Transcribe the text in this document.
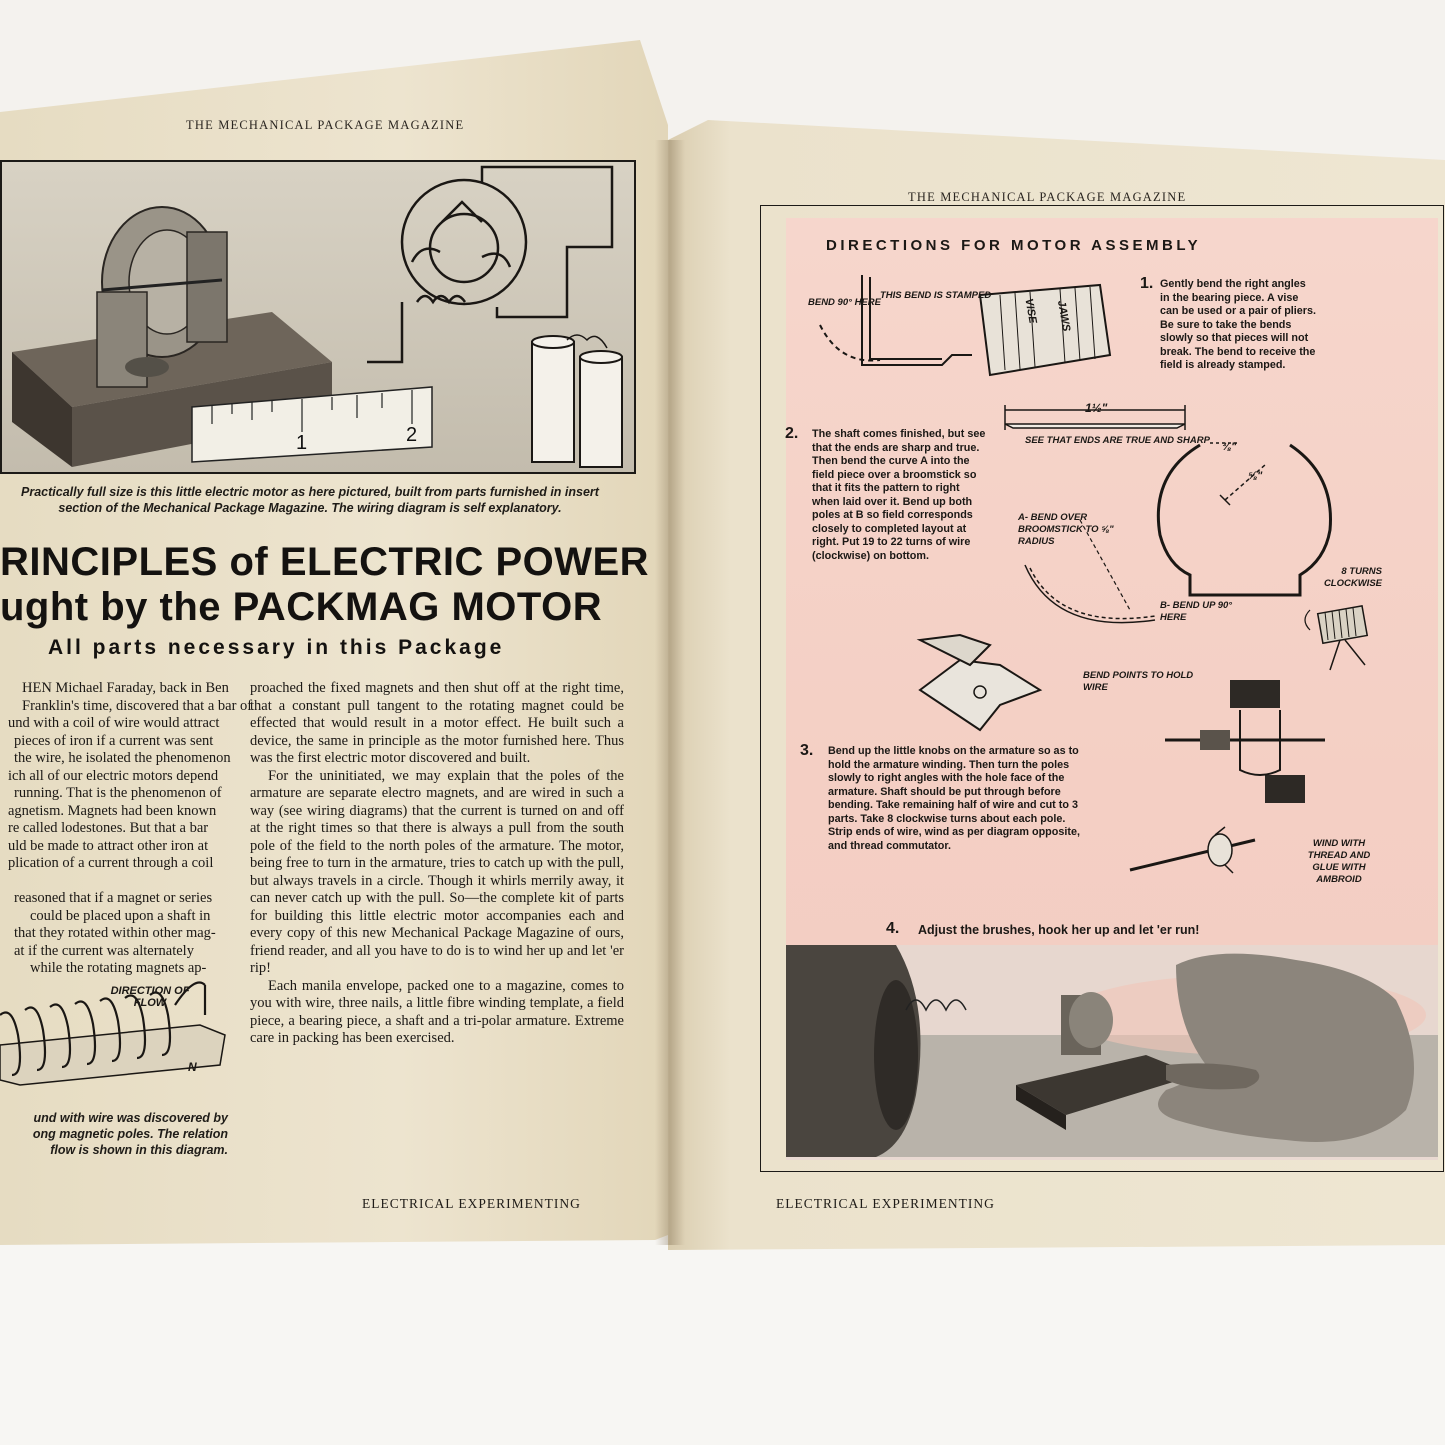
THE MECHANICAL PACKAGE MAGAZINE
1	2
Practically full size is this little electric motor as here pictured, built from parts furnished in insert section of the Mechanical Package Magazine. The wiring diagram is self explanatory.
RINCIPLES of ELECTRIC POWER
ught by the PACKMAG MOTOR
All parts necessary in this Package

HEN Michael Faraday, back in Ben

Franklin's time, discovered that a bar of

und with a coil of wire would attract

pieces of iron if a current was sent

the wire, he isolated the phenomenon

ich all of our electric motors depend

running. That is the phenomenon of

agnetism. Magnets had been known

re called lodestones. But that a bar

uld be made to attract other iron at

plication of a current through a coil

reasoned that if a magnet or series

could be placed upon a shaft in

that they rotated within other mag-

at if the current was alternately

while the rotating magnets ap-

DIRECTION OF FLOW
N
und with wire was discovered by
ong magnetic poles. The relation
flow is shown in this diagram.

proached the fixed magnets and then shut off at the right time, that a constant pull tangent to the rotating magnet could be effected that would result in a motor effect. He built such a device, the same in principle as the motor furnished here. Thus was the first electric motor discovered and built.

For the uninitiated, we may explain that the poles of the armature are separate electro magnets, and are wired in such a way (see wiring diagrams) that the current is turned on and off at the right times so that there is always a pull from the south pole of the field to the north poles of the armature. The motor, being free to turn in the armature, tries to catch up with the pull, but always travels in a circle. Though it whirls merrily away, it can never catch up with the pull. So—the complete kit of parts for building this little electric motor accompanies each and every copy of this new Mechanical Package Magazine of ours, friend reader, and all you have to do is to wind her up and let 'er rip!

Each manila envelope, packed one to a magazine, comes to you with wire, three nails, a little fibre winding template, a field piece, a bearing piece, a shaft and a tri-polar armature. Extreme care in packing has been exercised.

ELECTRICAL EXPERIMENTING
THE MECHANICAL PACKAGE MAGAZINE
DIRECTIONS FOR MOTOR ASSEMBLY
BEND 90° HERE
THIS BEND IS STAMPED
VISE JAWS
1. Gently bend the right angles in the bearing piece. A vise can be used or a pair of pliers. Be sure to take the bends slowly so that pieces will not break. The bend to receive the field is already stamped.
1½"
SEE THAT ENDS ARE TRUE AND SHARP
2. The shaft comes finished, but see that the ends are sharp and true. Then bend the curve A into the field piece over a broomstick so that it fits the pattern to right when laid over it. Bend up both poles at B so field corresponds closely to completed layout at right. Put 19 to 22 turns of wire (clockwise) on bottom.
⅜"
⅝"
A- BEND OVER BROOMSTICK TO ⅝" RADIUS
B- BEND UP 90° HERE
8 TURNS CLOCKWISE
BEND POINTS TO HOLD WIRE
3. Bend up the little knobs on the armature so as to hold the armature winding. Then turn the poles slowly to right angles with the hole face of the armature. Shaft should be put through before bending. Take remaining half of wire and cut to 3 parts. Take 8 clockwise turns about each pole. Strip ends of wire, wind as per diagram opposite, and thread commutator.	WIND WITH THREAD AND GLUE WITH AMBROID
4. Adjust the brushes, hook her up and let 'er run!
ELECTRICAL EXPERIMENTING
